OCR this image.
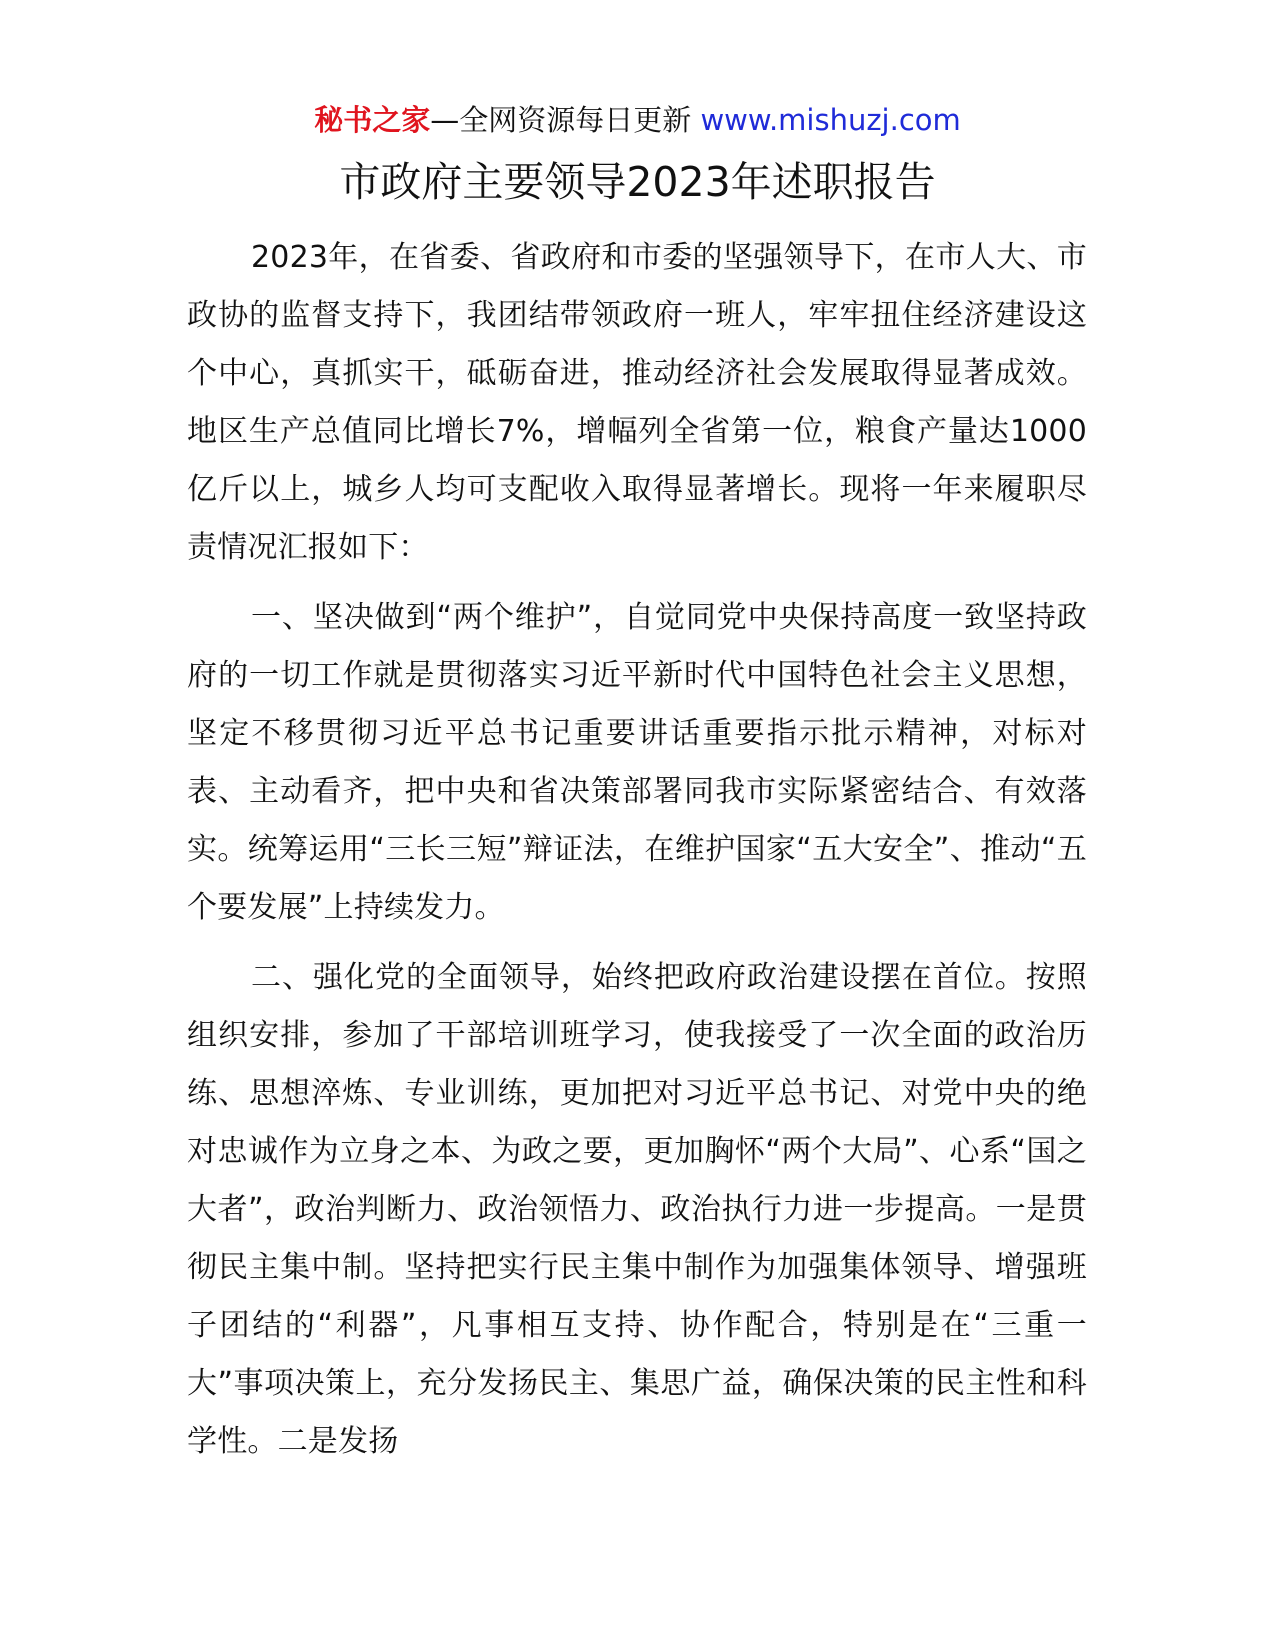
秘书之家—全网资源每日更新 www.mishuzj.com
市政府主要领导2023年述职报告

2023年，在省委、省政府和市委的坚强领导下，在市人大、市政协的监督支持下，我团结带领政府一班人，牢牢扭住经济建设这个中心，真抓实干，砥砺奋进，推动经济社会发展取得显著成效。地区生产总值同比增长7%，增幅列全省第一位，粮食产量达1000亿斤以上，城乡人均可支配收入取得显著增长。现将一年来履职尽责情况汇报如下：

一、坚决做到“两个维护”，自觉同党中央保持高度一致坚持政府的一切工作就是贯彻落实习近平新时代中国特色社会主义思想，坚定不移贯彻习近平总书记重要讲话重要指示批示精神，对标对表、主动看齐，把中央和省决策部署同我市实际紧密结合、有效落实。统筹运用“三长三短”辩证法，在维护国家“五大安全”、推动“五个要发展”上持续发力。

二、强化党的全面领导，始终把政府政治建设摆在首位。按照组织安排，参加了干部培训班学习，使我接受了一次全面的政治历练、思想淬炼、专业训练，更加把对习近平总书记、对党中央的绝对忠诚作为立身之本、为政之要，更加胸怀“两个大局”、心系“国之大者”，政治判断力、政治领悟力、政治执行力进一步提高。一是贯彻民主集中制。坚持把实行民主集中制作为加强集体领导、增强班子团结的“利器”，凡事相互支持、协作配合，特别是在“三重一大”事项决策上，充分发扬民主、集思广益，确保决策的民主性和科学性。二是发扬
